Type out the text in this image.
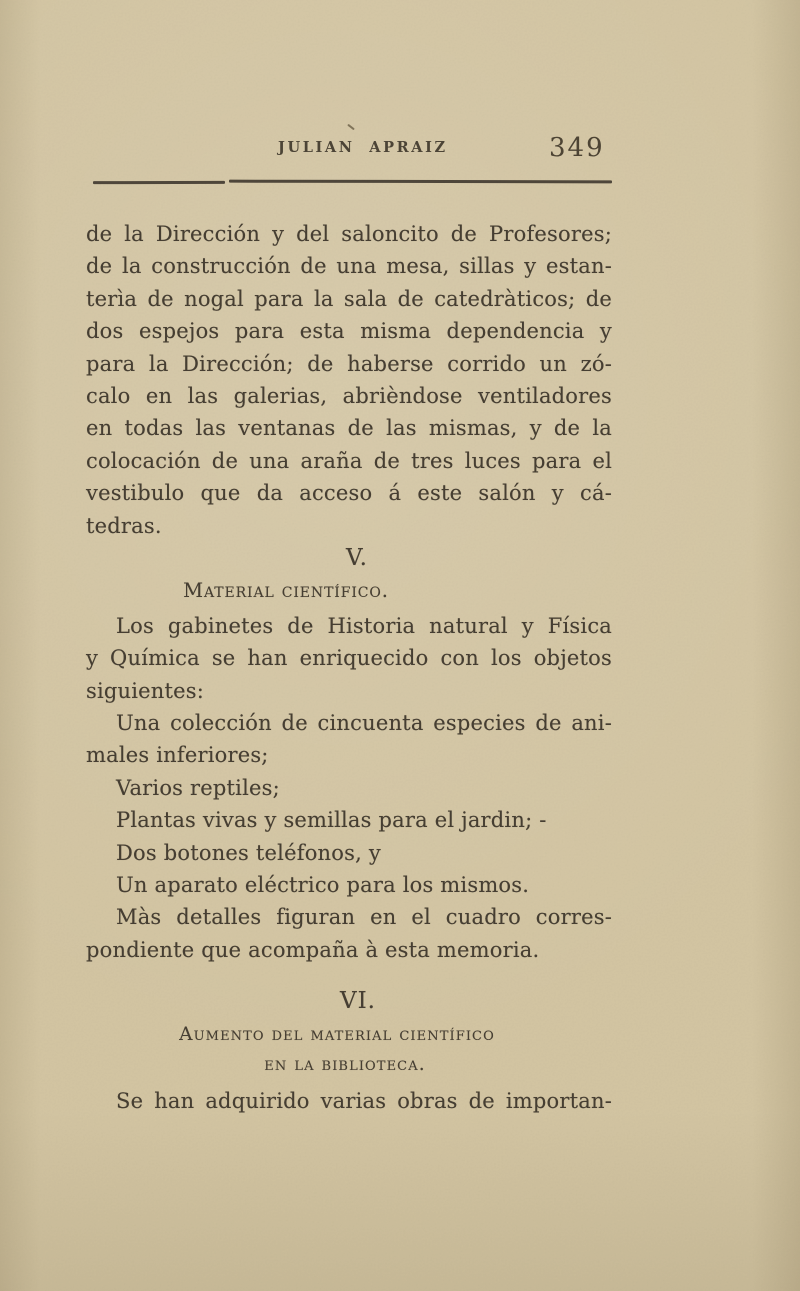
JULIAN APRAIZ	349
de la Dirección y del saloncito de Profesores;
de la construcción de una mesa, sillas y estan-
terìa de nogal para la sala de catedràticos; de
dos espejos para esta misma dependencia y
para la Dirección; de haberse corrido un zó-
calo en las galerias, abrièndose ventiladores
en todas las ventanas de las mismas, y de la
colocación de una araña de tres luces para el
vestibulo que da acceso á este salón y cá-
tedras.
V.
Material científico.
Los gabinetes de Historia natural y Física
y Química se han enriquecido con los objetos
siguientes:
Una colección de cincuenta especies de ani-
males inferiores;
Varios reptiles;
Plantas vivas y semillas para el jardin; -
Dos botones teléfonos, y
Un aparato eléctrico para los mismos.
Màs detalles figuran en el cuadro corres-
pondiente que acompaña à esta memoria.
VI.
Aumento del material científico
en la biblioteca.
Se han adquirido varias obras de importan-
